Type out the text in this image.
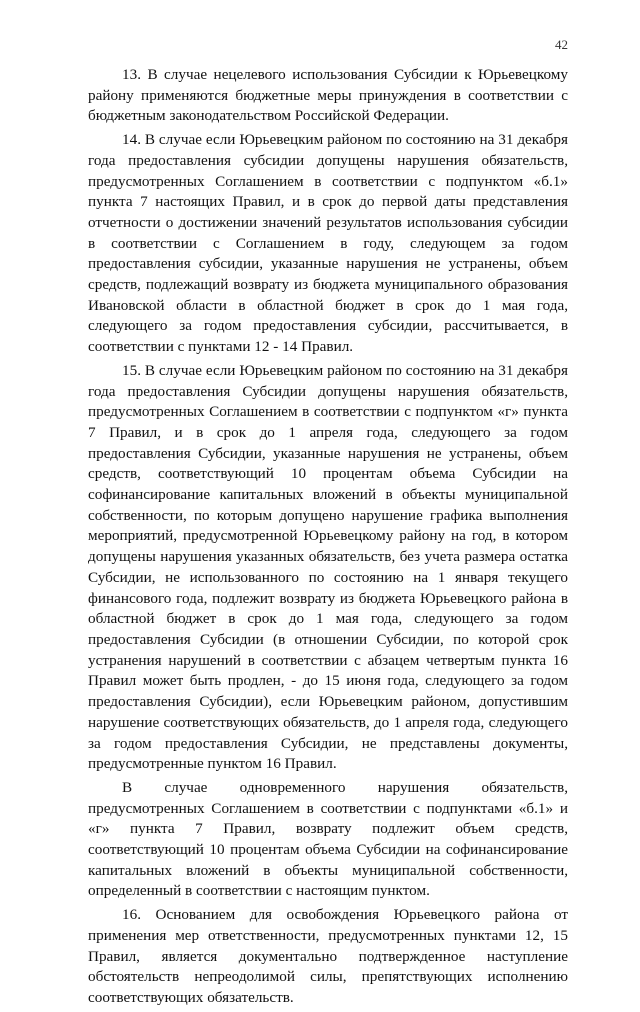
42

13. В случае нецелевого использования Субсидии к Юрьевецкому району применяются бюджетные меры принуждения в соответствии с бюджетным законодательством Российской Федерации.

14. В случае если Юрьевецким районом по состоянию на 31 декабря года предоставления субсидии допущены нарушения обязательств, предусмотренных Соглашением в соответствии с подпунктом «б.1» пункта 7 настоящих Правил, и в срок до первой даты представления отчетности о достижении значений результатов использования субсидии в соответствии с Соглашением в году, следующем за годом предоставления субсидии, указанные нарушения не устранены, объем средств, подлежащий возврату из бюджета муниципального образования Ивановской области в областной бюджет в срок до 1 мая года, следующего за годом предоставления субсидии, рассчитывается, в соответствии с пунктами 12 - 14 Правил.

15. В случае если Юрьевецким районом по состоянию на 31 декабря года предоставления Субсидии допущены нарушения обязательств, предусмотренных Соглашением в соответствии с подпунктом «г» пункта 7 Правил, и в срок до 1 апреля года, следующего за годом предоставления Субсидии, указанные нарушения не устранены, объем средств, соответствующий 10 процентам объема Субсидии на софинансирование капитальных вложений в объекты муниципальной собственности, по которым допущено нарушение графика выполнения мероприятий, предусмотренной Юрьевецкому району на год, в котором допущены нарушения указанных обязательств, без учета размера остатка Субсидии, не использованного по состоянию на 1 января текущего финансового года, подлежит возврату из бюджета Юрьевецкого района в областной бюджет в срок до 1 мая года, следующего за годом предоставления Субсидии (в отношении Субсидии, по которой срок устранения нарушений в соответствии с абзацем четвертым пункта 16 Правил может быть продлен, - до 15 июня года, следующего за годом предоставления Субсидии), если Юрьевецким районом, допустившим нарушение соответствующих обязательств, до 1 апреля года, следующего за годом предоставления Субсидии, не представлены документы, предусмотренные пунктом 16 Правил.

В случае одновременного нарушения обязательств, предусмотренных Соглашением в соответствии с подпунктами «б.1» и «г» пункта 7 Правил, возврату подлежит объем средств, соответствующий 10 процентам объема Субсидии на софинансирование капитальных вложений в объекты муниципальной собственности, определенный в соответствии с настоящим пунктом.

16. Основанием для освобождения Юрьевецкого района от применения мер ответственности, предусмотренных пунктами 12, 15 Правил, является документально подтвержденное наступление обстоятельств непреодолимой силы, препятствующих исполнению соответствующих обязательств.
